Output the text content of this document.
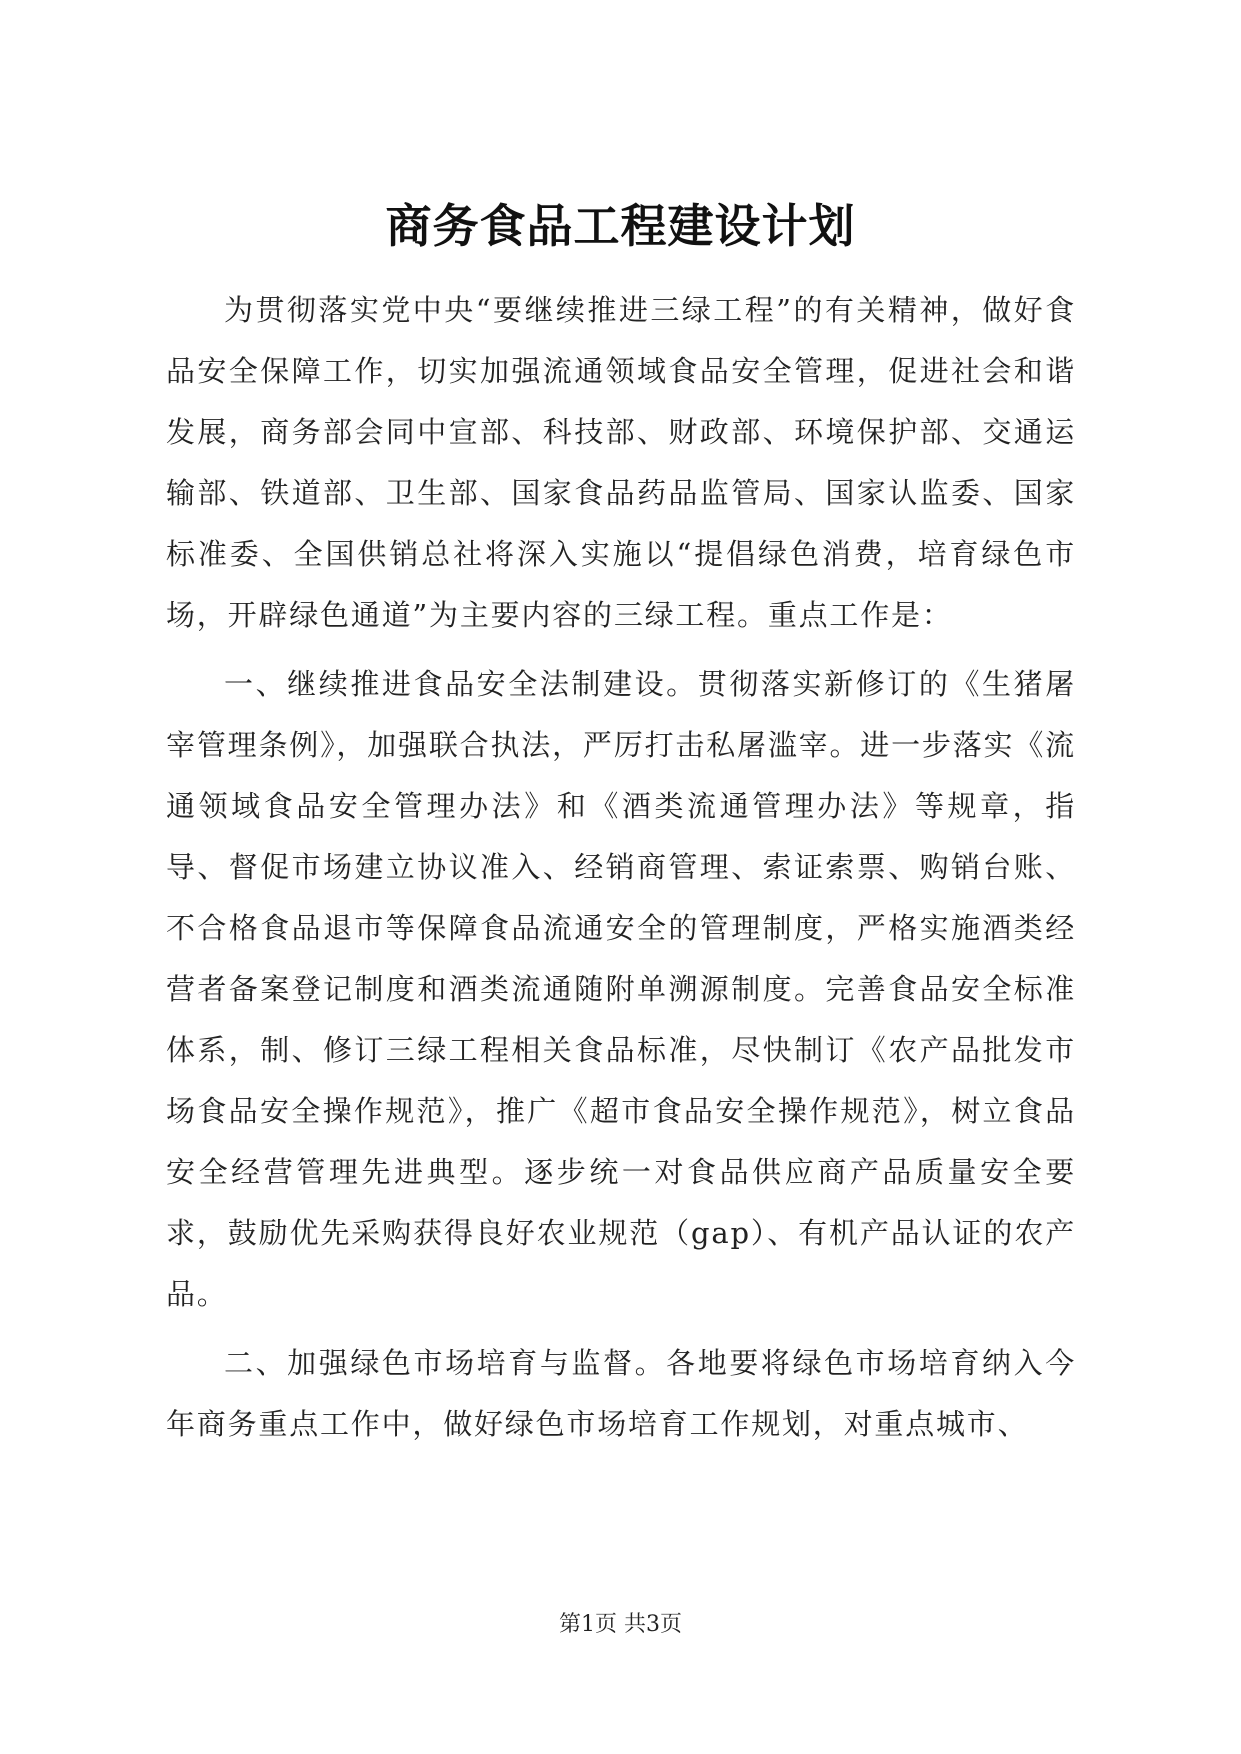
商务食品工程建设计划

为贯彻落实党中央“要继续推进三绿工程”的有关精神，做好食品安全保障工作，切实加强流通领域食品安全管理，促进社会和谐发展，商务部会同中宣部、科技部、财政部、环境保护部、交通运输部、铁道部、卫生部、国家食品药品监管局、国家认监委、国家标准委、全国供销总社将深入实施以“提倡绿色消费，培育绿色市场，开辟绿色通道”为主要内容的三绿工程。重点工作是：

一、继续推进食品安全法制建设。贯彻落实新修订的《生猪屠宰管理条例》，加强联合执法，严厉打击私屠滥宰。进一步落实《流通领域食品安全管理办法》和《酒类流通管理办法》等规章，指导、督促市场建立协议准入、经销商管理、索证索票、购销台账、不合格食品退市等保障食品流通安全的管理制度，严格实施酒类经营者备案登记制度和酒类流通随附单溯源制度。完善食品安全标准体系，制、修订三绿工程相关食品标准，尽快制订《农产品批发市场食品安全操作规范》，推广《超市食品安全操作规范》，树立食品安全经营管理先进典型。逐步统一对食品供应商产品质量安全要求，鼓励优先采购获得良好农业规范（gap）、有机产品认证的农产品。

二、加强绿色市场培育与监督。各地要将绿色市场培育纳入今年商务重点工作中，做好绿色市场培育工作规划，对重点城市、

第1页 共3页
